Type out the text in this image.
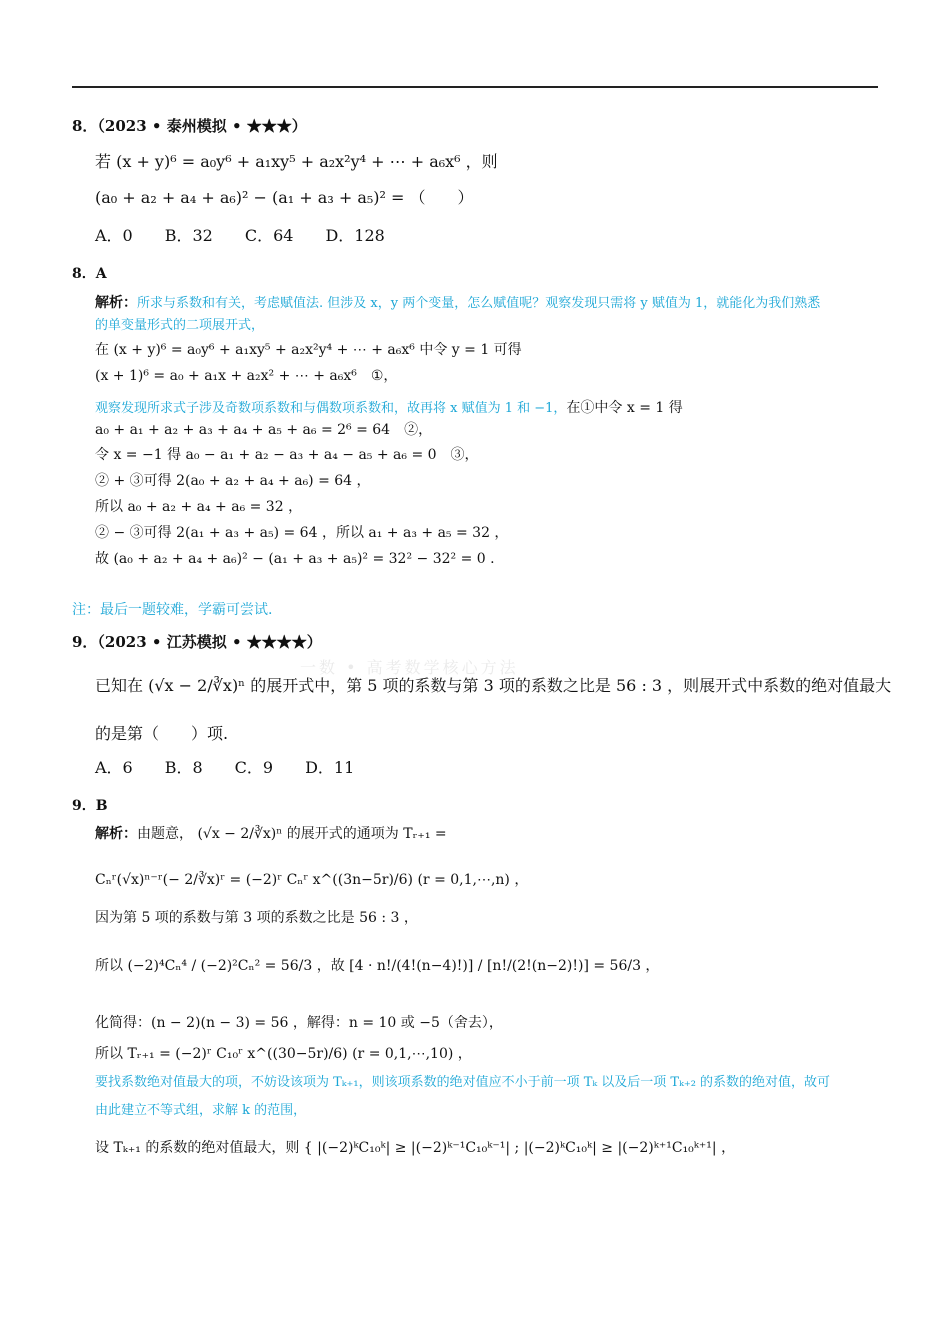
8．（2023 • 泰州模拟 • ★★★）
若 (x + y)⁶ = a₀y⁶ + a₁xy⁵ + a₂x²y⁴ + ⋯ + a₆x⁶ ，则
(a₀ + a₂ + a₄ + a₆)² − (a₁ + a₃ + a₅)² = （　　）
A．0　　B．32　　C．64　　D．128
8．A
解析：所求与系数和有关，考虑赋值法. 但涉及 x，y 两个变量，怎么赋值呢？观察发现只需将 y 赋值为 1，就能化为我们熟悉
的单变量形式的二项展开式，
在 (x + y)⁶ = a₀y⁶ + a₁xy⁵ + a₂x²y⁴ + ⋯ + a₆x⁶ 中令 y = 1 可得
(x + 1)⁶ = a₀ + a₁x + a₂x² + ⋯ + a₆x⁶　①，
观察发现所求式子涉及奇数项系数和与偶数项系数和，故再将 x 赋值为 1 和 −1，在①中令 x = 1 得
a₀ + a₁ + a₂ + a₃ + a₄ + a₅ + a₆ = 2⁶ = 64　②，
令 x = −1 得 a₀ − a₁ + a₂ − a₃ + a₄ − a₅ + a₆ = 0　③，
② + ③可得 2(a₀ + a₂ + a₄ + a₆) = 64 ，
所以 a₀ + a₂ + a₄ + a₆ = 32 ，
② − ③可得 2(a₁ + a₃ + a₅) = 64 ，所以 a₁ + a₃ + a₅ = 32 ，
故 (a₀ + a₂ + a₄ + a₆)² − (a₁ + a₃ + a₅)² = 32² − 32² = 0 .
注：最后一题较难，学霸可尝试.
9．（2023 • 江苏模拟 • ★★★★）
一数 • 高考数学核心方法
已知在 (√x − 2/∛x)ⁿ 的展开式中，第 5 项的系数与第 3 项的系数之比是 56 : 3 ，则展开式中系数的绝对值最大
的是第（　　）项.
A．6　　B．8　　C．9　　D．11
9．B
解析：由题意， (√x − 2/∛x)ⁿ 的展开式的通项为 Tᵣ₊₁ =
Cₙʳ(√x)ⁿ⁻ʳ(− 2/∛x)ʳ = (−2)ʳ Cₙʳ x^((3n−5r)/6) (r = 0,1,⋯,n) ，
因为第 5 项的系数与第 3 项的系数之比是 56 : 3 ，
所以 (−2)⁴Cₙ⁴ / (−2)²Cₙ² = 56/3 ，故 [4 · n!/(4!(n−4)!)] / [n!/(2!(n−2)!)] = 56/3 ，
化简得：(n − 2)(n − 3) = 56 ，解得：n = 10 或 −5（舍去），
所以 Tᵣ₊₁ = (−2)ʳ C₁₀ʳ x^((30−5r)/6) (r = 0,1,⋯,10) ，
要找系数绝对值最大的项，不妨设该项为 Tₖ₊₁，则该项系数的绝对值应不小于前一项 Tₖ 以及后一项 Tₖ₊₂ 的系数的绝对值，故可
由此建立不等式组，求解 k 的范围，
设 Tₖ₊₁ 的系数的绝对值最大，则 { |(−2)ᵏC₁₀ᵏ| ≥ |(−2)ᵏ⁻¹C₁₀ᵏ⁻¹| ; |(−2)ᵏC₁₀ᵏ| ≥ |(−2)ᵏ⁺¹C₁₀ᵏ⁺¹| ，
